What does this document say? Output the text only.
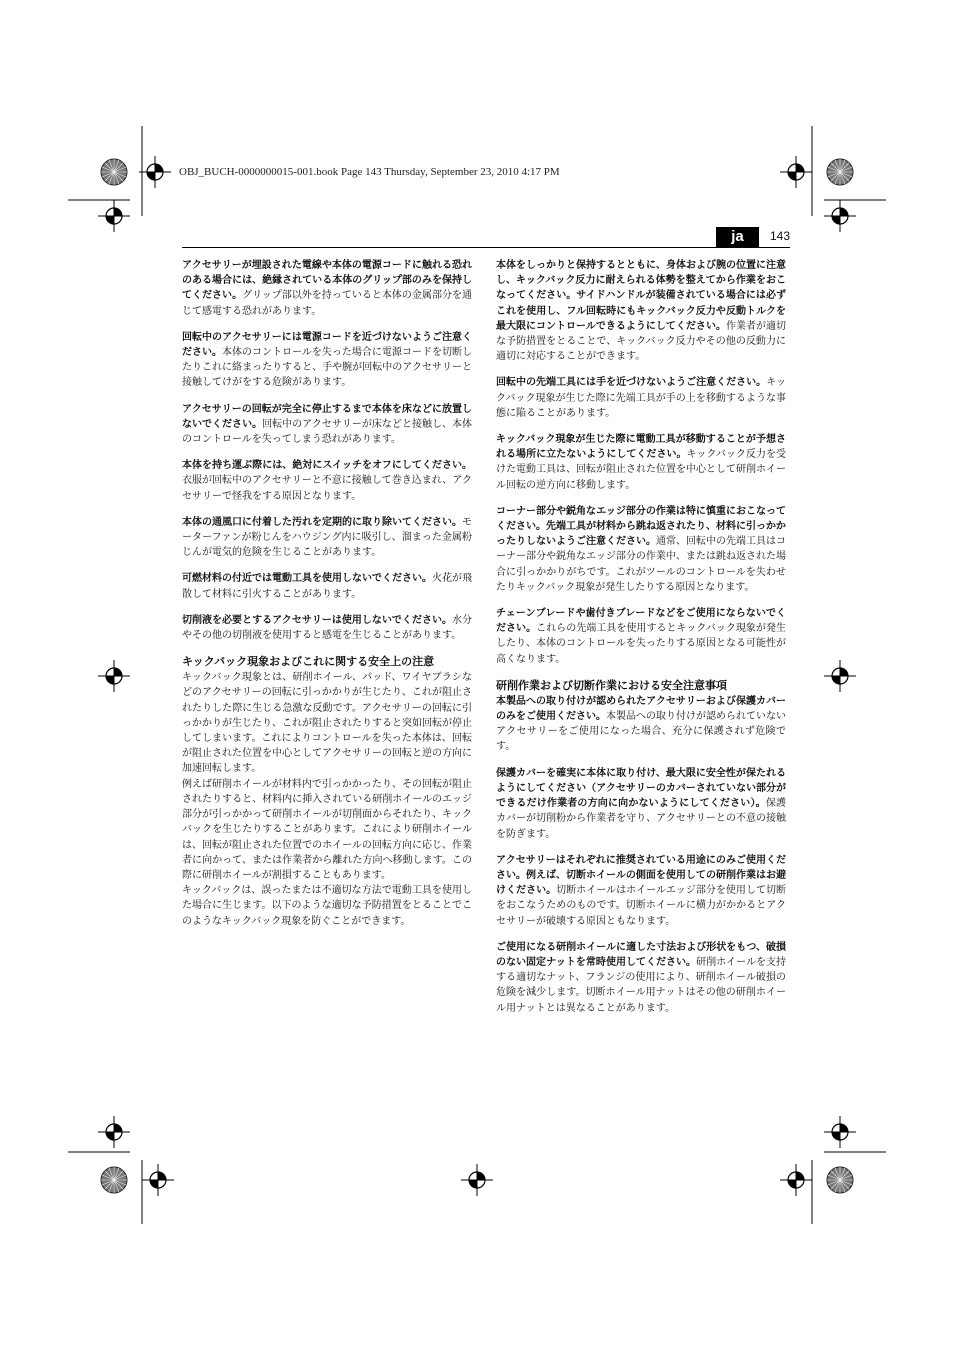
OBJ_BUCH-0000000015-001.book Page 143 Thursday, September 23, 2010 4:17 PM
ja	143

アクセサリーが埋設された電線や本体の電源コードに触れる恐れのある場合には、絶縁されている本体のグリップ部のみを保持してください。グリップ部以外を持っていると本体の金属部分を通じて感電する恐れがあります。

回転中のアクセサリーには電源コードを近づけないようご注意ください。本体のコントロールを失った場合に電源コードを切断したりこれに絡まったりすると、手や腕が回転中のアクセサリーと接触してけがをする危険があります。

アクセサリーの回転が完全に停止するまで本体を床などに放置しないでください。回転中のアクセサリーが床などと接触し、本体のコントロールを失ってしまう恐れがあります。

本体を持ち運ぶ際には、絶対にスイッチをオフにしてください。衣服が回転中のアクセサリーと不意に接触して巻き込まれ、アクセサリーで怪我をする原因となります。

本体の通風口に付着した汚れを定期的に取り除いてください。モーターファンが粉じんをハウジング内に吸引し、溜まった金属粉じんが電気的危険を生じることがあります。

可燃材料の付近では電動工具を使用しないでください。火花が飛散して材料に引火することがあります。

切削液を必要とするアクセサリーは使用しないでください。水分やその他の切削液を使用すると感電を生じることがあります。

キックバック現象およびこれに関する安全上の注意

キックバック現象とは、研削ホイール、パッド、ワイヤブラシなどのアクセサリーの回転に引っかかりが生じたり、これが阻止されたりした際に生じる急激な反動です。アクセサリーの回転に引っかかりが生じたり、これが阻止されたりすると突如回転が停止してしまいます。これによりコントロールを失った本体は、回転が阻止された位置を中心としてアクセサリーの回転と逆の方向に加速回転します。

例えば研削ホイールが材料内で引っかかったり、その回転が阻止されたりすると、材料内に挿入されている研削ホイールのエッジ部分が引っかかって研削ホイールが切削面からそれたり、キックバックを生じたりすることがあります。これにより研削ホイールは、回転が阻止された位置でのホイールの回転方向に応じ、作業者に向かって、または作業者から離れた方向へ移動します。この際に研削ホイールが割損することもあります。

キックバックは、誤ったまたは不適切な方法で電動工具を使用した場合に生じます。以下のような適切な予防措置をとることでこのようなキックバック現象を防ぐことができます。

本体をしっかりと保持するとともに、身体および腕の位置に注意し、キックバック反力に耐えられる体勢を整えてから作業をおこなってください。サイドハンドルが装備されている場合には必ずこれを使用し、フル回転時にもキックバック反力や反動トルクを最大限にコントロールできるようにしてください。作業者が適切な予防措置をとることで、キックバック反力やその他の反動力に適切に対応することができます。

回転中の先端工具には手を近づけないようご注意ください。キックバック現象が生じた際に先端工具が手の上を移動するような事態に陥ることがあります。

キックバック現象が生じた際に電動工具が移動することが予想される場所に立たないようにしてください。キックバック反力を受けた電動工具は、回転が阻止された位置を中心として研削ホイール回転の逆方向に移動します。

コーナー部分や鋭角なエッジ部分の作業は特に慎重におこなってください。先端工具が材料から跳ね返されたり、材料に引っかかったりしないようご注意ください。通常、回転中の先端工具はコーナー部分や鋭角なエッジ部分の作業中、または跳ね返された場合に引っかかりがちです。これがツールのコントロールを失わせたりキックバック現象が発生したりする原因となります。

チェーンブレードや歯付きブレードなどをご使用にならないでください。これらの先端工具を使用するとキックバック現象が発生したり、本体のコントロールを失ったりする原因となる可能性が高くなります。

研削作業および切断作業における安全注意事項

本製品への取り付けが認められたアクセサリーおよび保護カバーのみをご使用ください。本製品への取り付けが認められていないアクセサリーをご使用になった場合、充分に保護されず危険です。

保護カバーを確実に本体に取り付け、最大限に安全性が保たれるようにしてください（アクセサリーのカバーされていない部分ができるだけ作業者の方向に向かないようにしてください）。保護カバーが切削粉から作業者を守り、アクセサリーとの不意の接触を防ぎます。

アクセサリーはそれぞれに推奨されている用途にのみご使用ください。例えば、切断ホイールの側面を使用しての研削作業はお避けください。切断ホイールはホイールエッジ部分を使用して切断をおこなうためのものです。切断ホイールに横力がかかるとアクセサリーが破壊する原因ともなります。

ご使用になる研削ホイールに適した寸法および形状をもつ、破損のない固定ナットを常時使用してください。研削ホイールを支持する適切なナット、フランジの使用により、研削ホイール破損の危険を減少します。切断ホイール用ナットはその他の研削ホイール用ナットとは異なることがあります。
